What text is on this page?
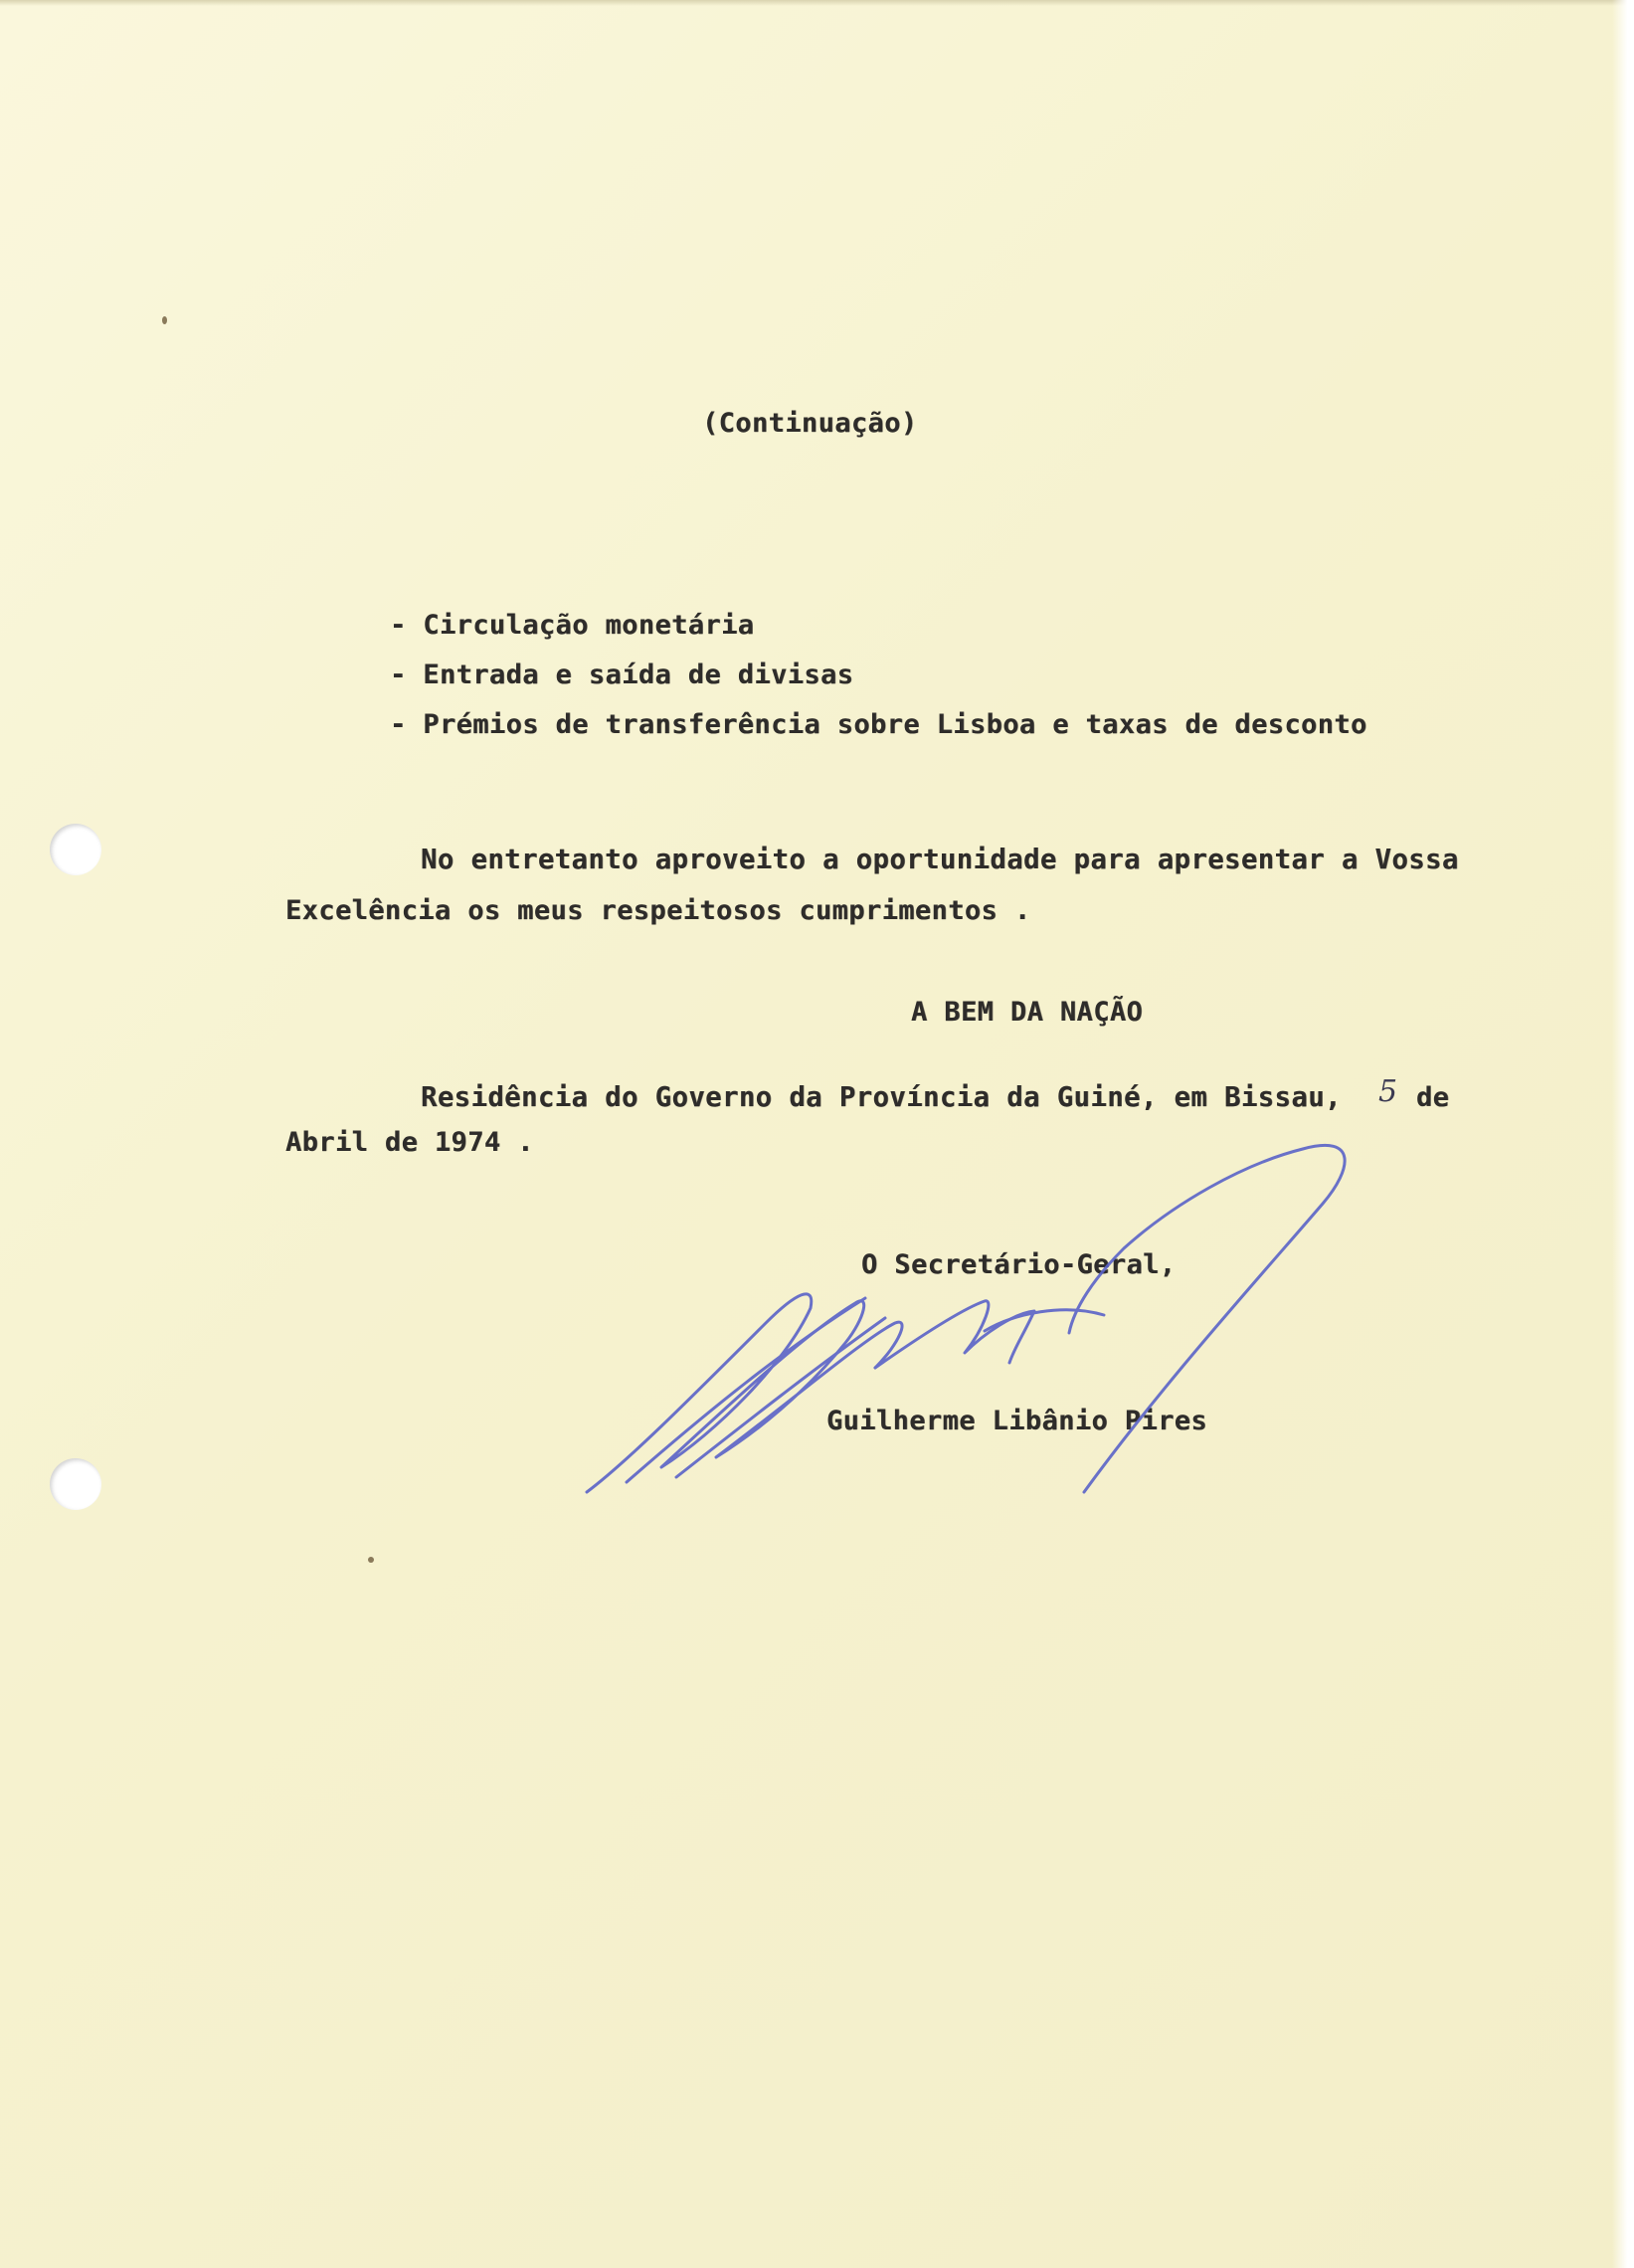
(Continuação)
- Circulação monetária
- Entrada e saída de divisas
- Prémios de transferência sobre Lisboa e taxas de desconto
No entretanto aproveito a oportunidade para apresentar a Vossa
Excelência os meus respeitosos cumprimentos .
A BEM DA NAÇÃO
Residência do Governo da Província da Guiné, em Bissau, 5 de
Abril de 1974 .
O Secretário-Geral,
Guilherme Libânio Pires
